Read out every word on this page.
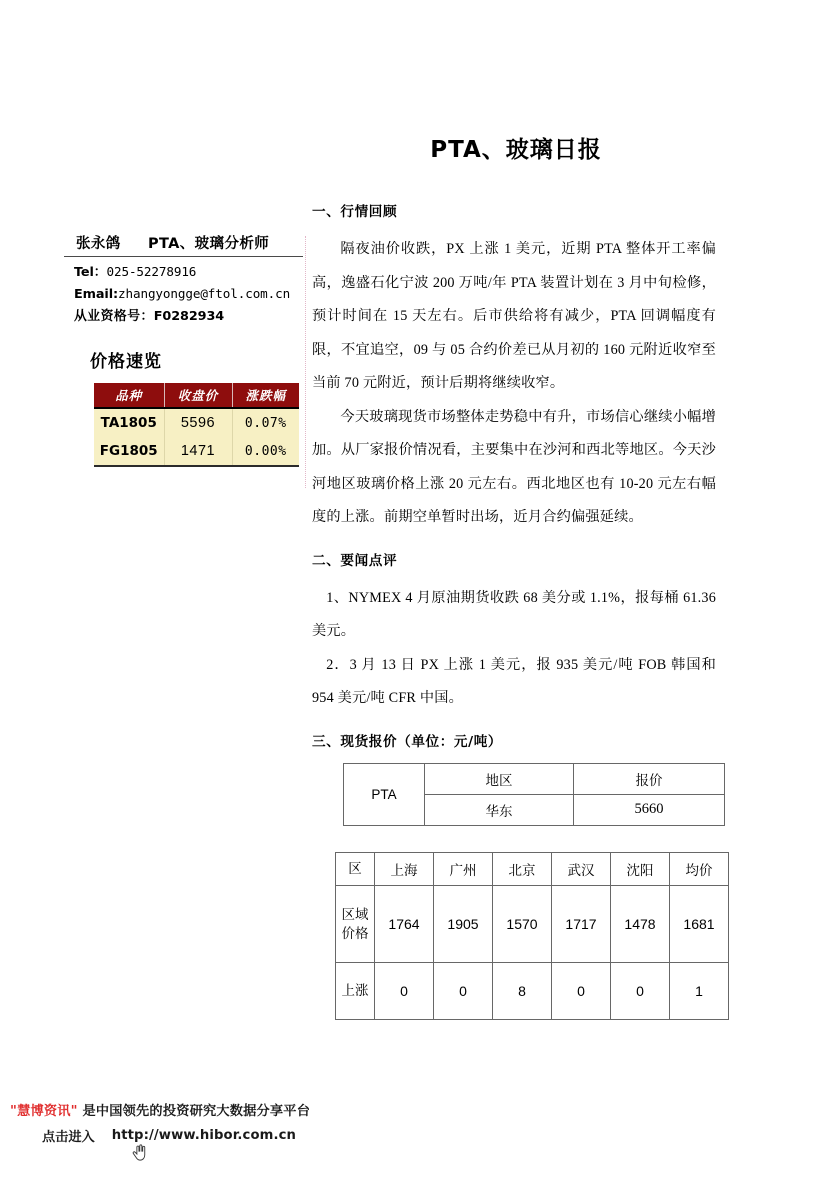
PTA、玻璃日报
张永鸽     PTA、玻璃分析师
Tel：025-52278916
Email:zhangyongge@ftol.com.cn
从业资格号：F0282934
价格速览
品种	收盘价	涨跌幅
TA1805	5596	0.07%
FG1805	1471	0.00%
一、行情回顾

隔夜油价收跌，PX 上涨 1 美元，近期 PTA 整体开工率偏高，逸盛石化宁波 200 万吨/年 PTA 装置计划在 3 月中旬检修，预计时间在 15 天左右。后市供给将有减少，PTA 回调幅度有限，不宜追空，09 与 05 合约价差已从月初的 160 元附近收窄至当前 70 元附近，预计后期将继续收窄。

今天玻璃现货市场整体走势稳中有升，市场信心继续小幅增加。从厂家报价情况看，主要集中在沙河和西北等地区。今天沙河地区玻璃价格上涨 20 元左右。西北地区也有 10-20 元左右幅度的上涨。前期空单暂时出场，近月合约偏强延续。

二、要闻点评

1、NYMEX 4 月原油期货收跌 68 美分或 1.1%，报每桶 61.36 美元。

2．3 月 13 日 PX 上涨 1 美元，报 935 美元/吨 FOB 韩国和 954 美元/吨 CFR 中国。

三、现货报价（单位：元/吨）
PTA	地区	报价
	华东	5660
区	上海	广州	北京	武汉	沈阳	均价
区域价格	1764	1905	1570	1717	1478	1681
上涨	0	0	8	0	0	1
"慧博资讯" 是中国领先的投资研究大数据分享平台
点击进入

http://www.hibor.com.cn
